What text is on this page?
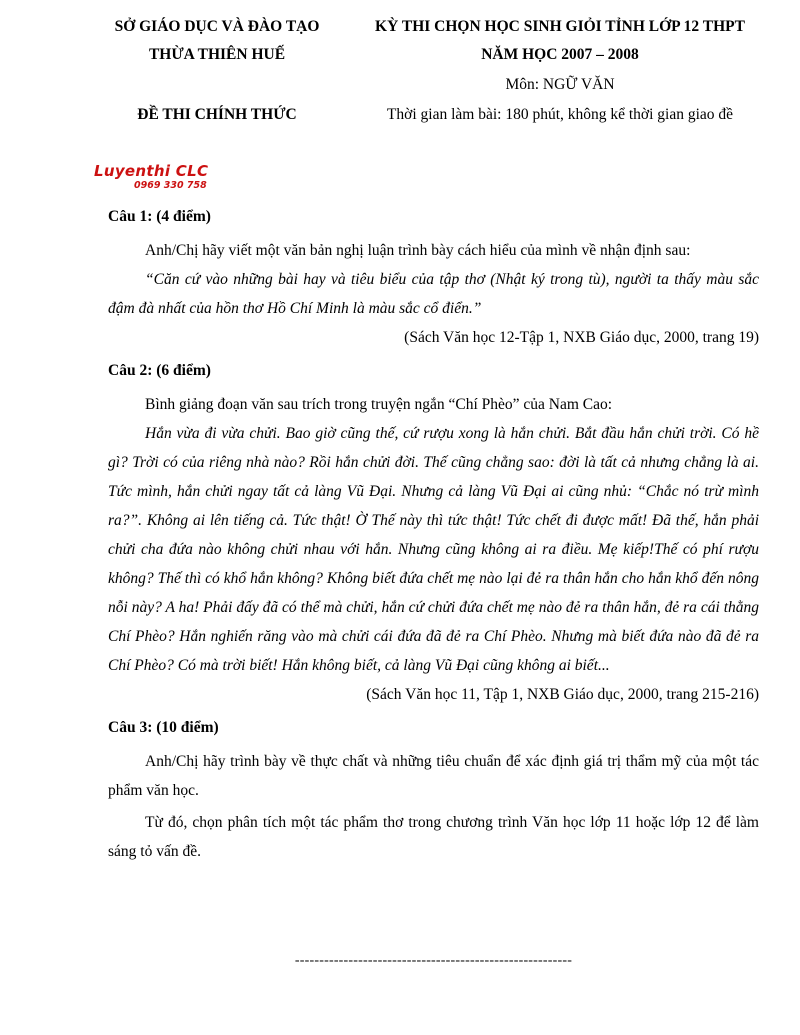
SỞ GIÁO DỤC VÀ ĐÀO TẠO
THỪA THIÊN HUẾ
ĐỀ THI CHÍNH THỨC
KỲ THI CHỌN HỌC SINH GIỎI TỈNH LỚP 12 THPT
NĂM HỌC 2007 – 2008
Môn: NGỮ VĂN
Thời gian làm bài: 180 phút, không kể thời gian giao đề
Luyenthi CLC
0969 330 758

Câu 1: (4 điểm)

Anh/Chị hãy viết một văn bản nghị luận trình bày cách hiểu của mình về nhận định sau:

“Căn cứ vào những bài hay và tiêu biểu của tập thơ (Nhật ký trong tù), người ta thấy màu sắc đậm đà nhất của hồn thơ Hồ Chí Minh là màu sắc cổ điển.”

(Sách Văn học 12-Tập 1, NXB Giáo dục, 2000, trang 19)

Câu 2: (6 điểm)

Bình giảng đoạn văn sau trích trong truyện ngắn “Chí Phèo” của Nam Cao:

Hắn vừa đi vừa chửi. Bao giờ cũng thế, cứ rượu xong là hắn chửi. Bắt đầu hắn chửi trời. Có hề gì? Trời có của riêng nhà nào? Rồi hắn chửi đời. Thế cũng chẳng sao: đời là tất cả nhưng chẳng là ai. Tức mình, hắn chửi ngay tất cả làng Vũ Đại. Nhưng cả làng Vũ Đại ai cũng nhủ: “Chắc nó trừ mình ra?”. Không ai lên tiếng cả. Tức thật! Ờ Thế này thì tức thật! Tức chết đi được mất! Đã thế, hắn phải chửi cha đứa nào không chửi nhau với hắn. Nhưng cũng không ai ra điều. Mẹ kiếp!Thế có phí rượu không? Thế thì có khổ hắn không? Không biết đứa chết mẹ nào lại đẻ ra thân hắn cho hắn khổ đến nông nỗi này? A ha! Phải đấy đã có thể mà chửi, hắn cứ chửi đứa chết mẹ nào đẻ ra thân hắn, đẻ ra cái thằng Chí Phèo? Hắn nghiến răng vào mà chửi cái đứa đã đẻ ra Chí Phèo. Nhưng mà biết đứa nào đã đẻ ra Chí Phèo? Có mà trời biết! Hắn không biết, cả làng Vũ Đại cũng không ai biết...

(Sách Văn học 11, Tập 1, NXB Giáo dục, 2000, trang 215-216)

Câu 3: (10 điểm)

Anh/Chị hãy trình bày về thực chất và những tiêu chuẩn để xác định giá trị thẩm mỹ của một tác phẩm văn học.

Từ đó, chọn phân tích một tác phẩm thơ trong chương trình Văn học lớp 11 hoặc lớp 12 để làm sáng tỏ vấn đề.

---------------------------------------------------------
